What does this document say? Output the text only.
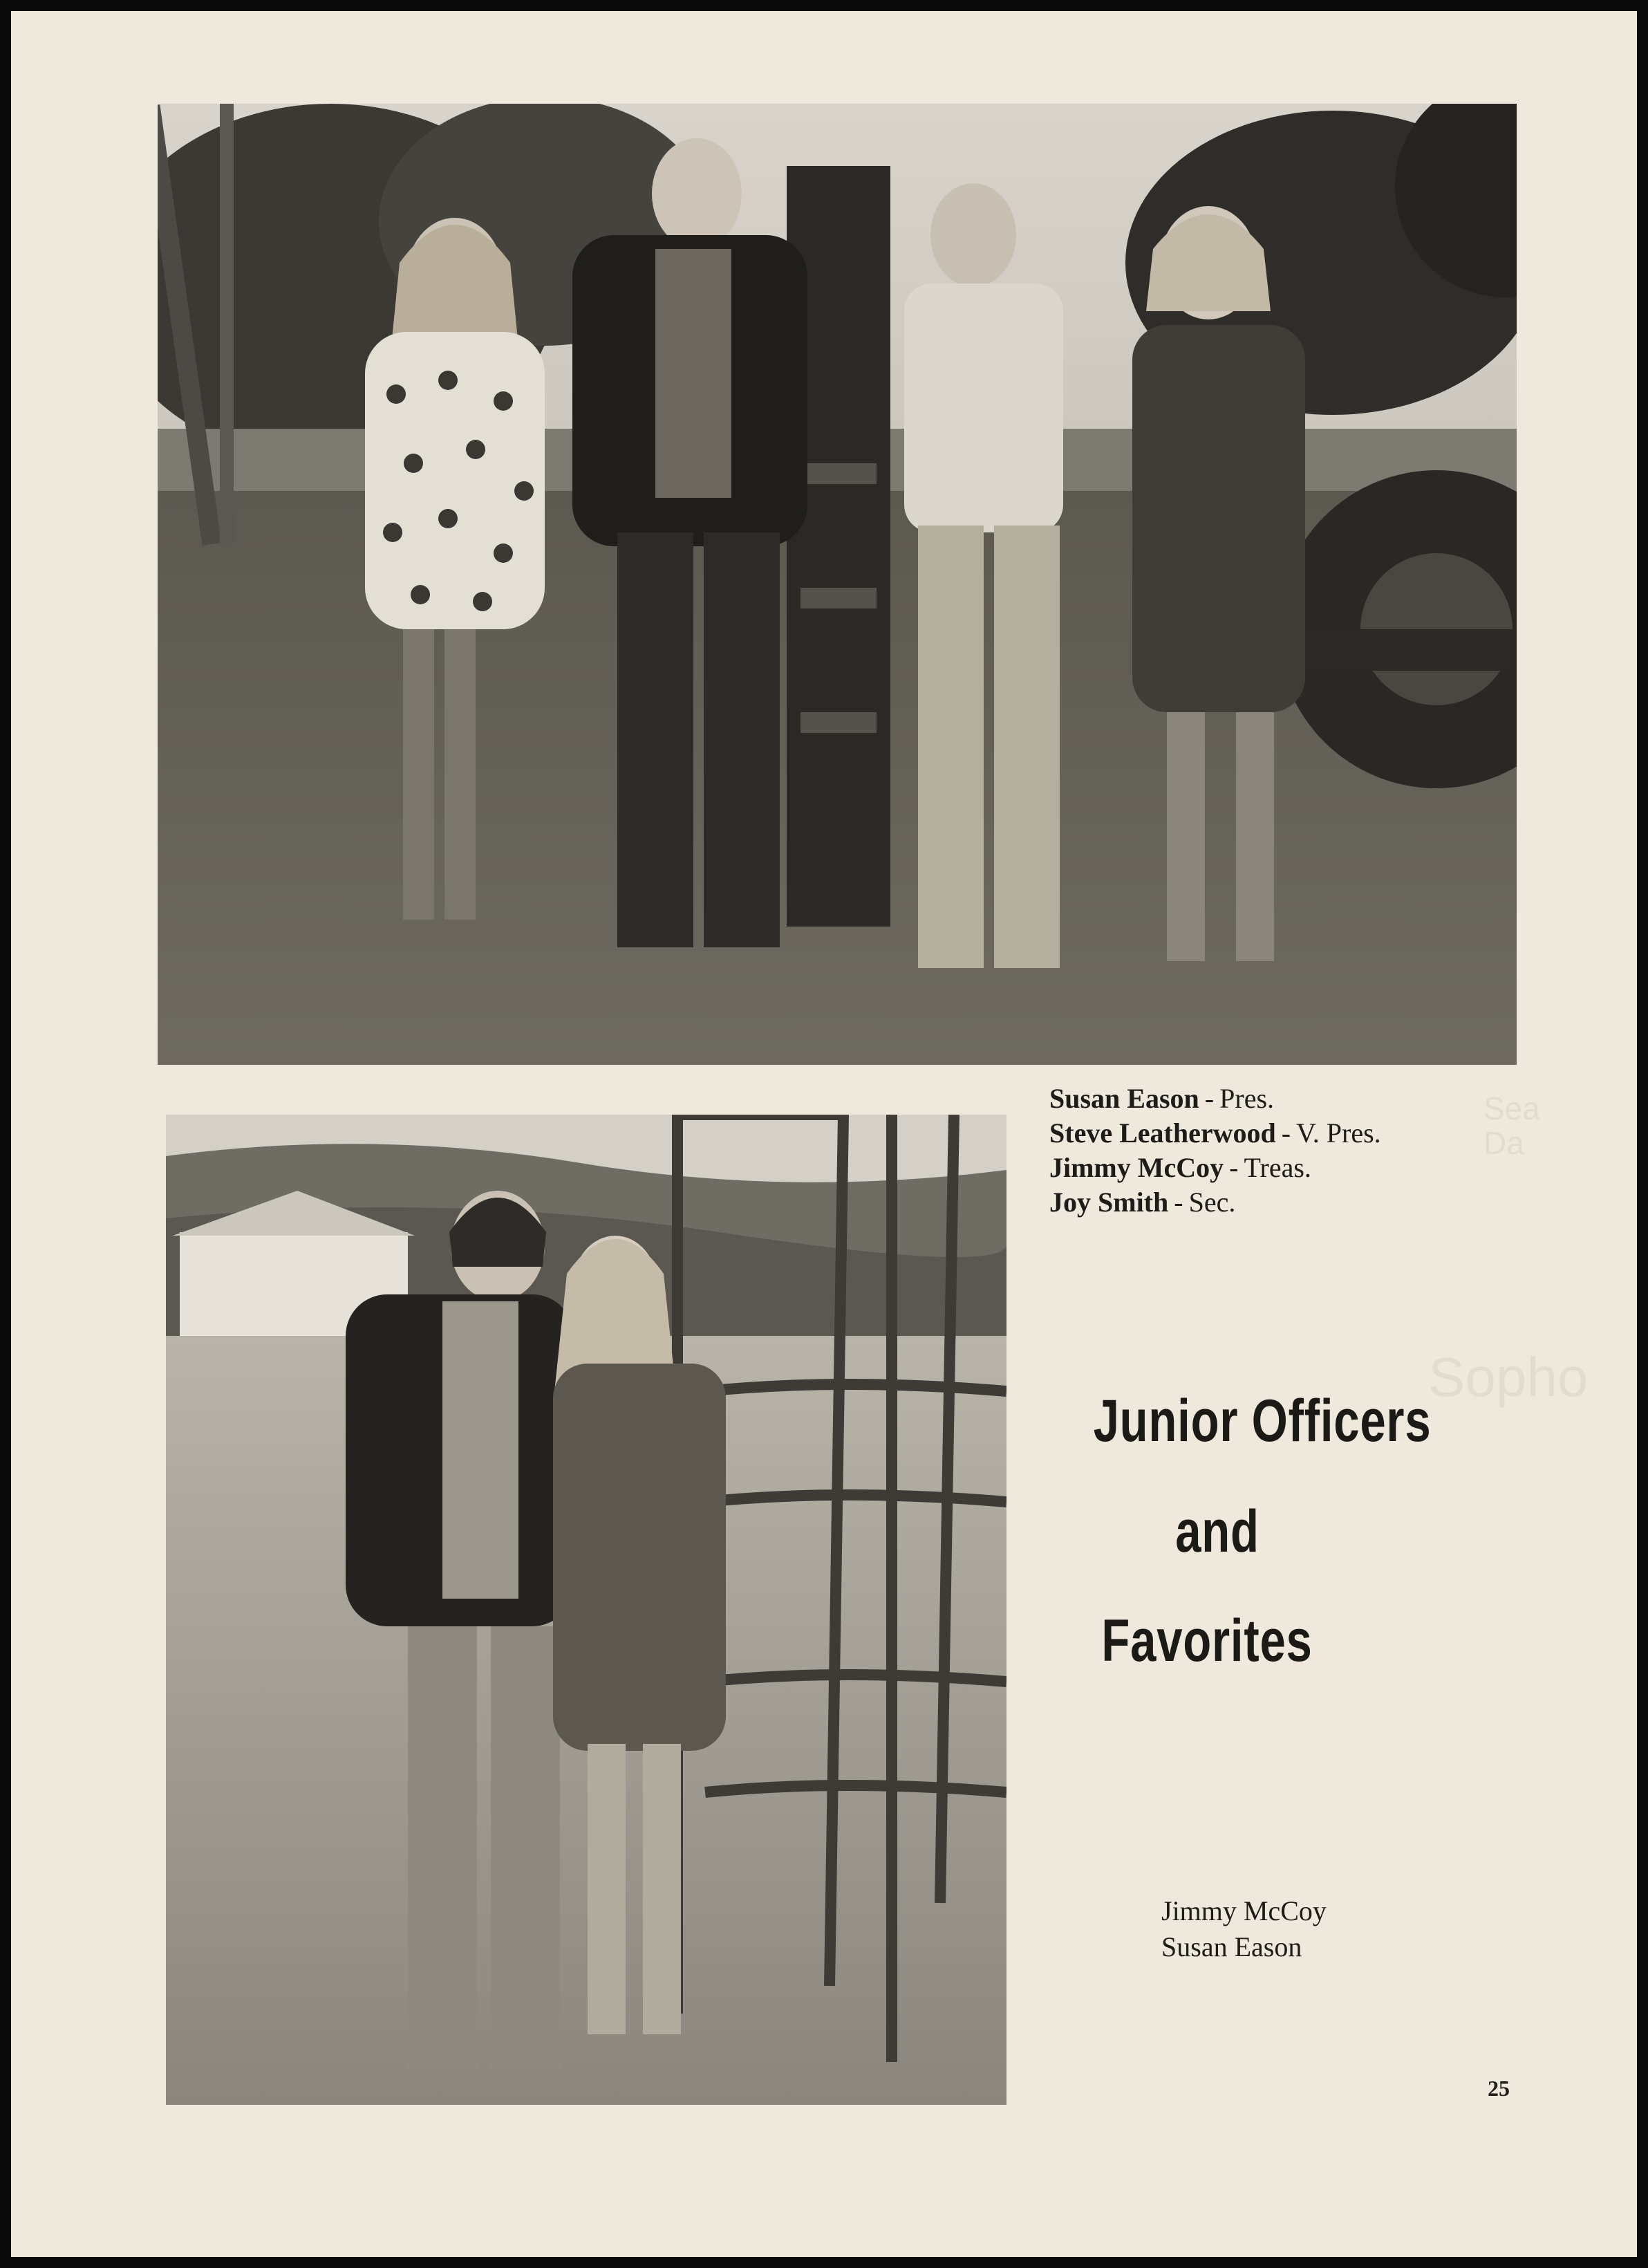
Sea
Da
Sopho
Susan Eason - Pres.
Steve Leatherwood - V. Pres.
Jimmy McCoy - Treas.
Joy Smith - Sec.
Junior Officers
and
Favorites
Jimmy McCoy
Susan Eason
25
